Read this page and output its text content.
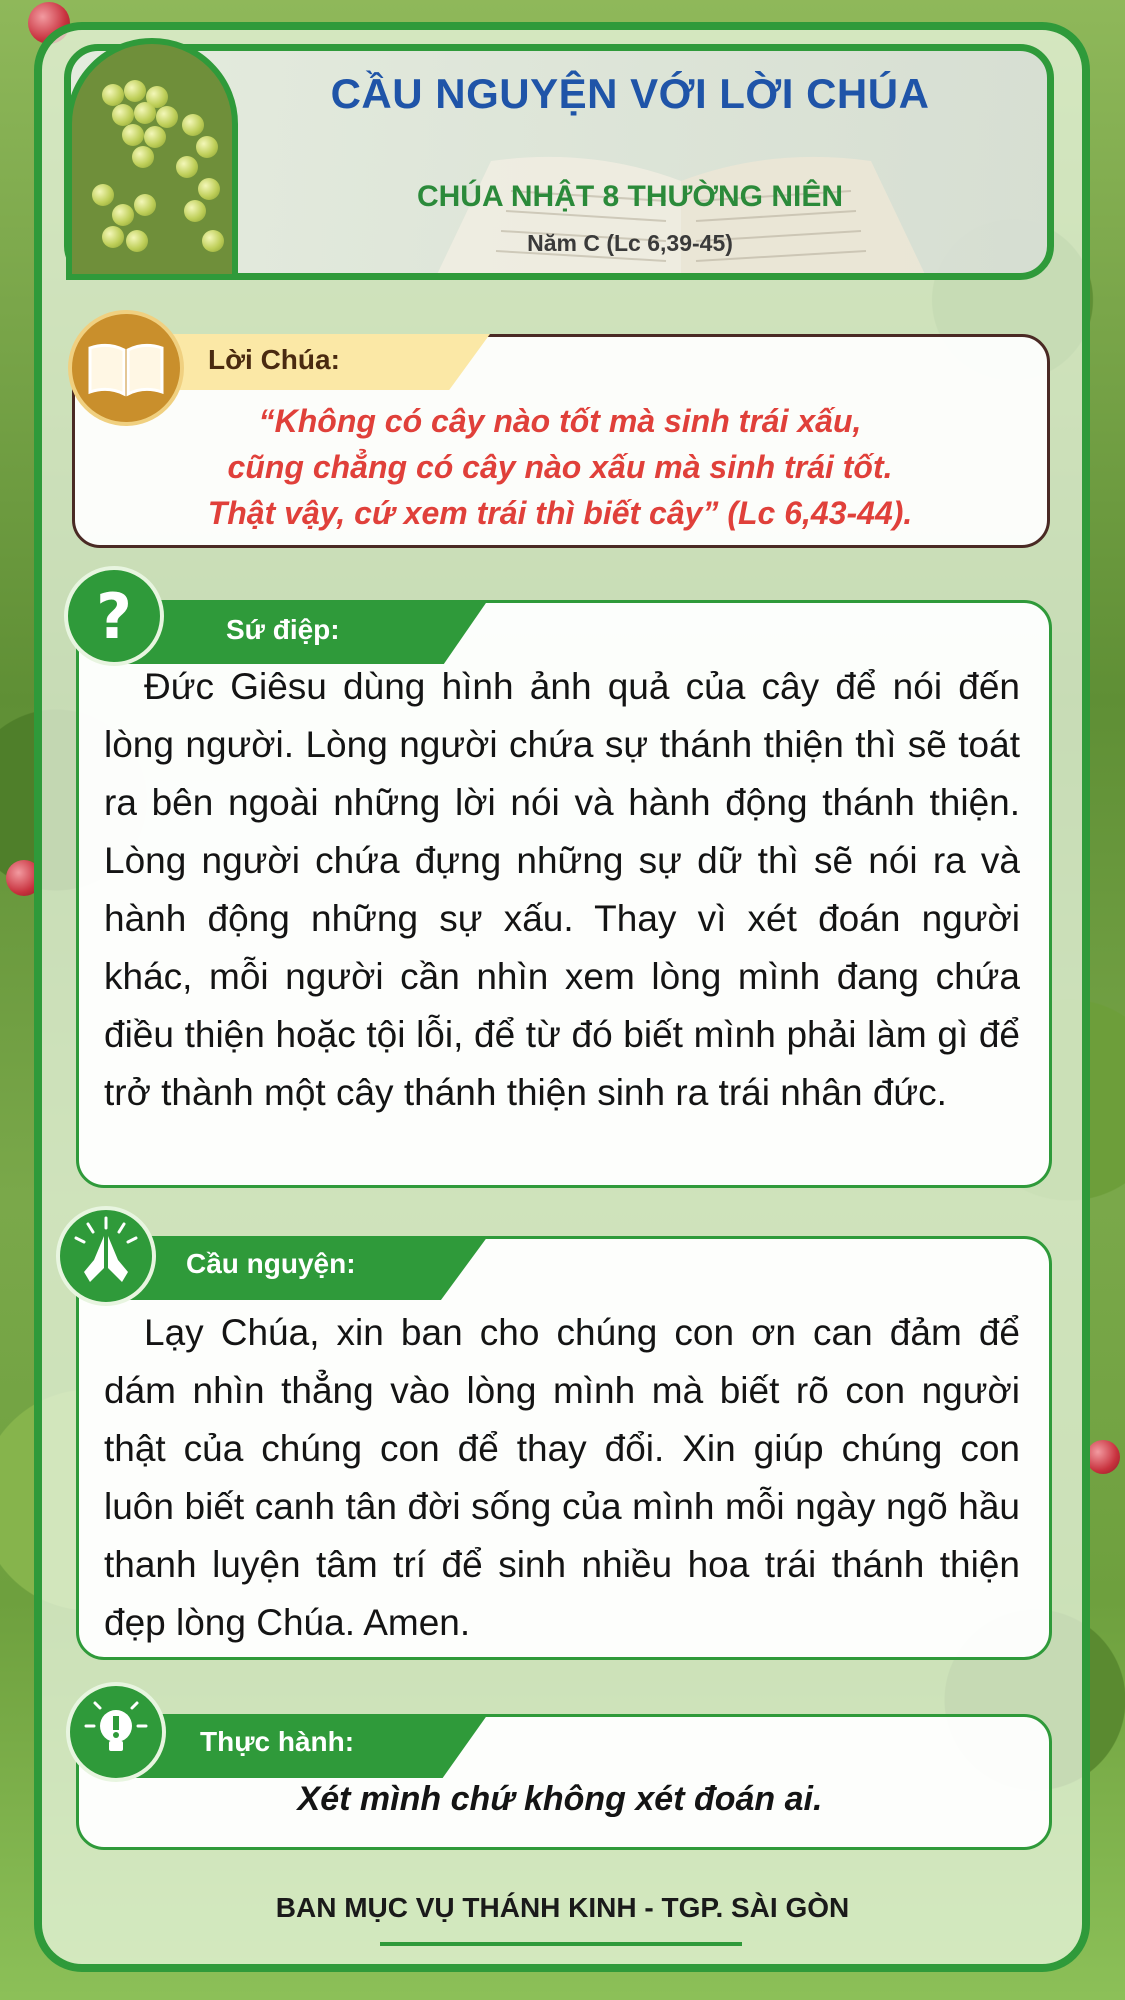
CẦU NGUYỆN VỚI LỜI CHÚA
CHÚA NHẬT 8 THƯỜNG NIÊN

Năm C (Lc 6,39-45)

Lời Chúa:

“Không có cây nào tốt mà sinh trái xấu,
cũng chẳng có cây nào xấu mà sinh trái tốt.
Thật vậy, cứ xem trái thì biết cây” (Lc 6,43-44).

Sứ điệp:
?

Đức Giêsu dùng hình ảnh quả của cây để nói đến lòng người. Lòng người chứa sự thánh thiện thì sẽ toát ra bên ngoài những lời nói và hành động thánh thiện. Lòng người chứa đựng những sự dữ thì sẽ nói ra và hành động những sự xấu. Thay vì xét đoán người khác, mỗi người cần nhìn xem lòng mình đang chứa điều thiện hoặc tội lỗi, để từ đó biết mình phải làm gì để trở thành một cây thánh thiện sinh ra trái nhân đức.

Cầu nguyện:

Lạy Chúa, xin ban cho chúng con ơn can đảm để dám nhìn thẳng vào lòng mình mà biết rõ con người thật của chúng con để thay đổi. Xin giúp chúng con luôn biết canh tân đời sống của mình mỗi ngày ngõ hầu thanh luyện tâm trí để sinh nhiều hoa trái thánh thiện đẹp lòng Chúa. Amen.

Thực hành:

Xét mình chứ không xét đoán ai.

BAN MỤC VỤ THÁNH KINH - TGP. SÀI GÒN
